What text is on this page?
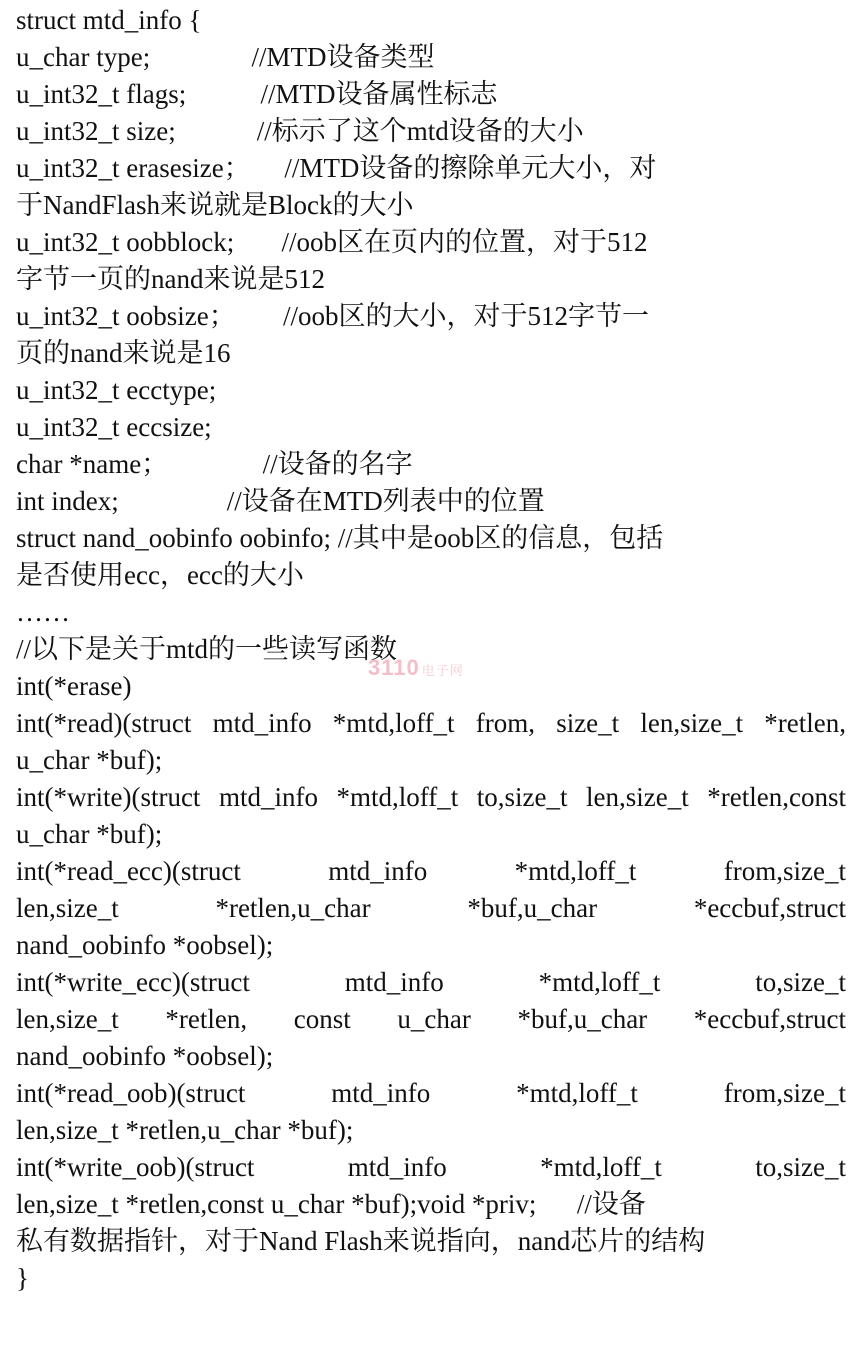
struct mtd_info {
u_char type;               //MTD设备类型
u_int32_t flags;           //MTD设备属性标志
u_int32_t size;            //标示了这个mtd设备的大小
u_int32_t erasesize；     //MTD设备的擦除单元大小，对
于NandFlash来说就是Block的大小
u_int32_t oobblock;       //oob区在页内的位置，对于512
字节一页的nand来说是512
u_int32_t oobsize；       //oob区的大小，对于512字节一
页的nand来说是16
u_int32_t ecctype;
u_int32_t eccsize;
char *name；              //设备的名字
int index;                //设备在MTD列表中的位置
struct nand_oobinfo oobinfo; //其中是oob区的信息，包括
是否使用ecc，ecc的大小
……
//以下是关于mtd的一些读写函数
int(*erase)
int(*read)(struct mtd_info *mtd,loff_t from, size_t len,size_t *retlen,
u_char *buf);
int(*write)(struct mtd_info *mtd,loff_t to,size_t len,size_t *retlen,const
u_char *buf);
int(*read_ecc)(struct mtd_info *mtd,loff_t from,size_t
len,size_t *retlen,u_char *buf,u_char *eccbuf,struct
nand_oobinfo *oobsel);
int(*write_ecc)(struct mtd_info *mtd,loff_t to,size_t
len,size_t *retlen, const u_char *buf,u_char *eccbuf,struct
nand_oobinfo *oobsel);
int(*read_oob)(struct mtd_info *mtd,loff_t from,size_t
len,size_t *retlen,u_char *buf);
int(*write_oob)(struct mtd_info *mtd,loff_t to,size_t
len,size_t *retlen,const u_char *buf);void *priv;      //设备
私有数据指针，对于Nand Flash来说指向，nand芯片的结构
}
3110 电子网
